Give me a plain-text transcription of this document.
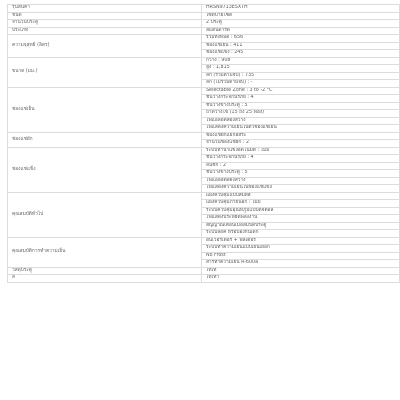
รุ่นสินค้า	HRSN9713ESXTH
ชนิด	ไซด์บายไซด์
จำนวนประตู	2 ประตู
ประเภท	สแตนดาร์ด
ความจุสุทธิ (ลิตร)	รวมทั้งหมด : 656
	ช่องแช่เย็น : 411
	ช่องแช่แข็ง : 245
ขนาด (มม.)	กว้าง : 908
	สูง : 1,815
	ลึก (รวมด้ามจับ) : 735
	ลึก (ไม่รวมด้ามจับ) : -
ช่องแช่เย็น	Selectable Zone : 3 to -2 °C
	ชั้นวางกระจกนิรภัย : 4
	ชั้นวางข้างประตู : 5
	ถาดวางไข่ (15 ถึง 25 ฟอง)
	ไฟแอลอีดีส่องสว่าง
	ไฟแสดงความเย็นในตัวช่องแช่เย็น
ช่องแช่ผัก	ช่องแช่ผักแยกอิสระ
	จำนวนช่องแช่ผัก : 2
ช่องแช่แข็ง	ระบบทำน้ำแข็งอัตโนมัติ : ไม่มี
	ชั้นวางกระจกนิรภัย : 4
	ลิ้นชัก : 2
	ชั้นวางข้างประตู : 5
	ไฟแอลอีดีส่องสว่าง
	ไฟแสดงความเย็นในช่องแช่แข็ง
คุณสมบัติทั่วไป	แผงควบคุมแบบสัมผัส
	แผงควบคุมภายนอก : ไม่มี
	ระบบควบคุมอุณหภูมิแบบดิจิตอล
	ไฟแสดงประหยัดพลังงาน
	สัญญาณเตือนเมื่อลืมปิดประตู
	ระบบล็อค หรือป้องกันเด็ก
คุณสมบัติการทำความเย็น	อินเวอร์เตอร์ + ฟิลเตอร์
	ระบบทำความเย็นแบบเย็นเยือก
	No Frost
	สารทำความเย็น R-600a
วัสดุประตู	ไทเท
สี	ไทเทา
